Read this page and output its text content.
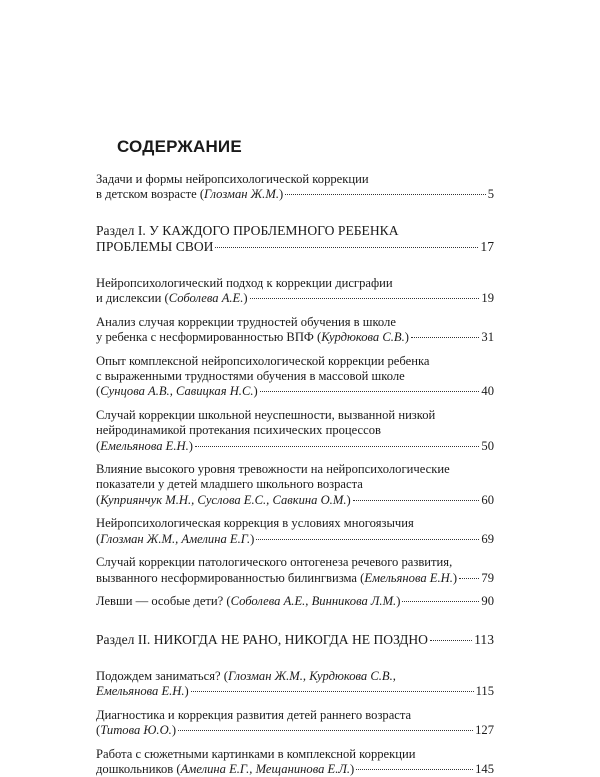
СОДЕРЖАНИЕ
Задачи и формы нейропсихологической коррекции
в детском возрасте (Глозман Ж.М.)	5
Раздел I. У КАЖДОГО ПРОБЛЕМНОГО РЕБЕНКА
ПРОБЛЕМЫ СВОИ	17
Нейропсихологический подход к коррекции дисграфии
и дислексии (Соболева А.Е.)	19
Анализ случая коррекции трудностей обучения в школе
у ребенка с несформированностью ВПФ (Курдюкова С.В.)	31
Опыт комплексной нейропсихологической коррекции ребенка
с выраженными трудностями обучения в массовой школе
(Сунцова А.В., Савицкая Н.С.)	40
Случай коррекции школьной неуспешности, вызванной низкой
нейродинамикой протекания психических процессов
(Емельянова Е.Н.)	50
Влияние высокого уровня тревожности на нейропсихологические
показатели у детей младшего школьного возраста
(Куприянчук М.Н., Суслова Е.С., Савкина О.М.)	60
Нейропсихологическая коррекция в условиях многоязычия
(Глозман Ж.М., Амелина Е.Г.)	69
Случай коррекции патологического онтогенеза речевого развития,
вызванного несформированностью билингвизма (Емельянова Е.Н.) 79
Левши — особые дети? (Соболева А.Е., Винникова Л.М.)	90
Раздел II. НИКОГДА НЕ РАНО, НИКОГДА НЕ ПОЗДНО	113
Подождем заниматься? (Глозман Ж.М., Курдюкова С.В.,
Емельянова Е.Н.)	115
Диагностика и коррекция развития детей раннего возраста
(Титова Ю.О.)	127
Работа с сюжетными картинками в комплексной коррекции
дошкольников (Амелина Е.Г., Мещанинова Е.Л.)	145
